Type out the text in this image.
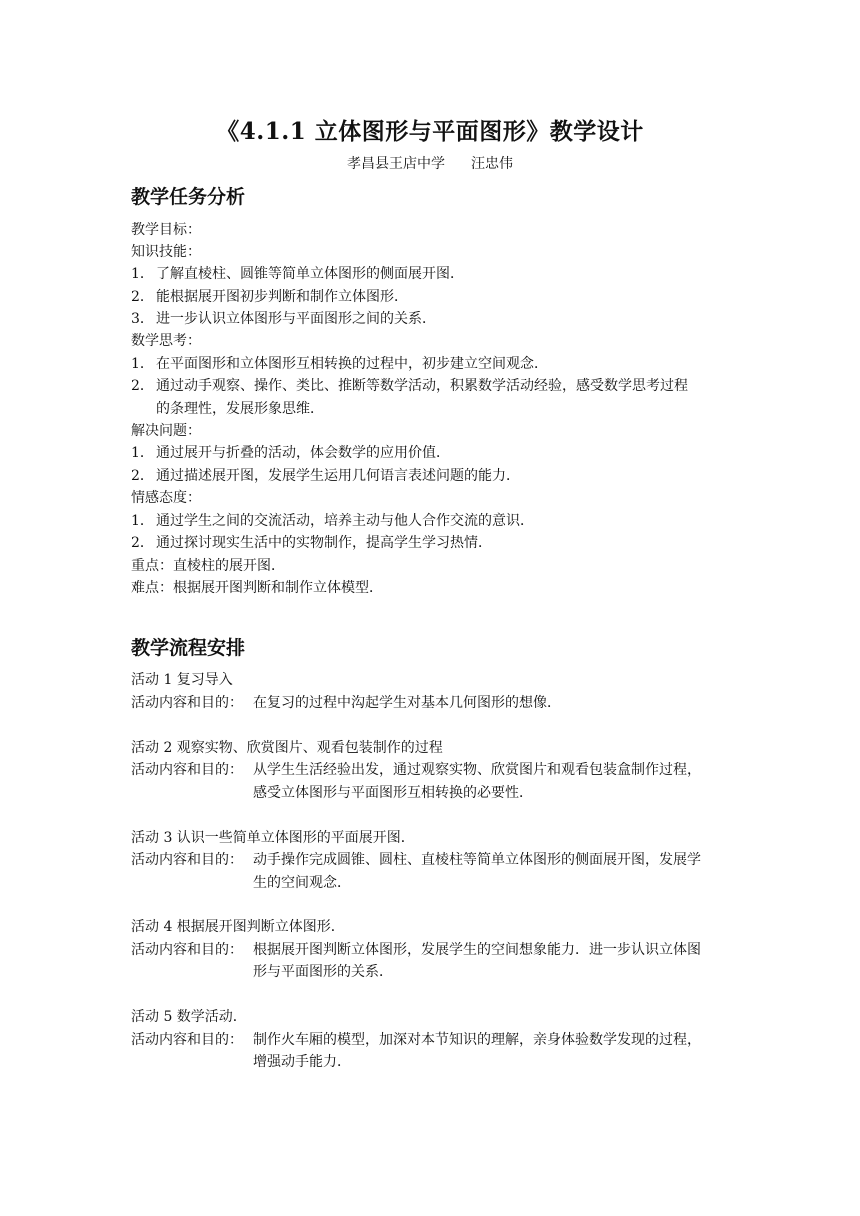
《4.1.1 立体图形与平面图形》教学设计
孝昌县王店中学 汪忠伟
教学任务分析
教学目标：
知识技能：
1． 了解直棱柱、圆锥等简单立体图形的侧面展开图．
2． 能根据展开图初步判断和制作立体图形．
3． 进一步认识立体图形与平面图形之间的关系．
数学思考：
1． 在平面图形和立体图形互相转换的过程中，初步建立空间观念．
2． 通过动手观察、操作、类比、推断等数学活动，积累数学活动经验，感受数学思考过程
的条理性，发展形象思维．
解决问题：
1． 通过展开与折叠的活动，体会数学的应用价值．
2． 通过描述展开图，发展学生运用几何语言表述问题的能力．
情感态度：
1． 通过学生之间的交流活动，培养主动与他人合作交流的意识．
2． 通过探讨现实生活中的实物制作，提高学生学习热情．
重点：直棱柱的展开图．
难点：根据展开图判断和制作立体模型．
教学流程安排
活动 1 复习导入
活动内容和目的： 在复习的过程中沟起学生对基本几何图形的想像．
活动 2 观察实物、欣赏图片、观看包装制作的过程
活动内容和目的： 从学生生活经验出发，通过观察实物、欣赏图片和观看包装盒制作过程，
感受立体图形与平面图形互相转换的必要性．
活动 3 认识一些简单立体图形的平面展开图．
活动内容和目的： 动手操作完成圆锥、圆柱、直棱柱等简单立体图形的侧面展开图，发展学
生的空间观念．
活动 4 根据展开图判断立体图形．
活动内容和目的： 根据展开图判断立体图形，发展学生的空间想象能力．进一步认识立体图
形与平面图形的关系．
活动 5 数学活动．
活动内容和目的： 制作火车厢的模型，加深对本节知识的理解，亲身体验数学发现的过程，
增强动手能力．
